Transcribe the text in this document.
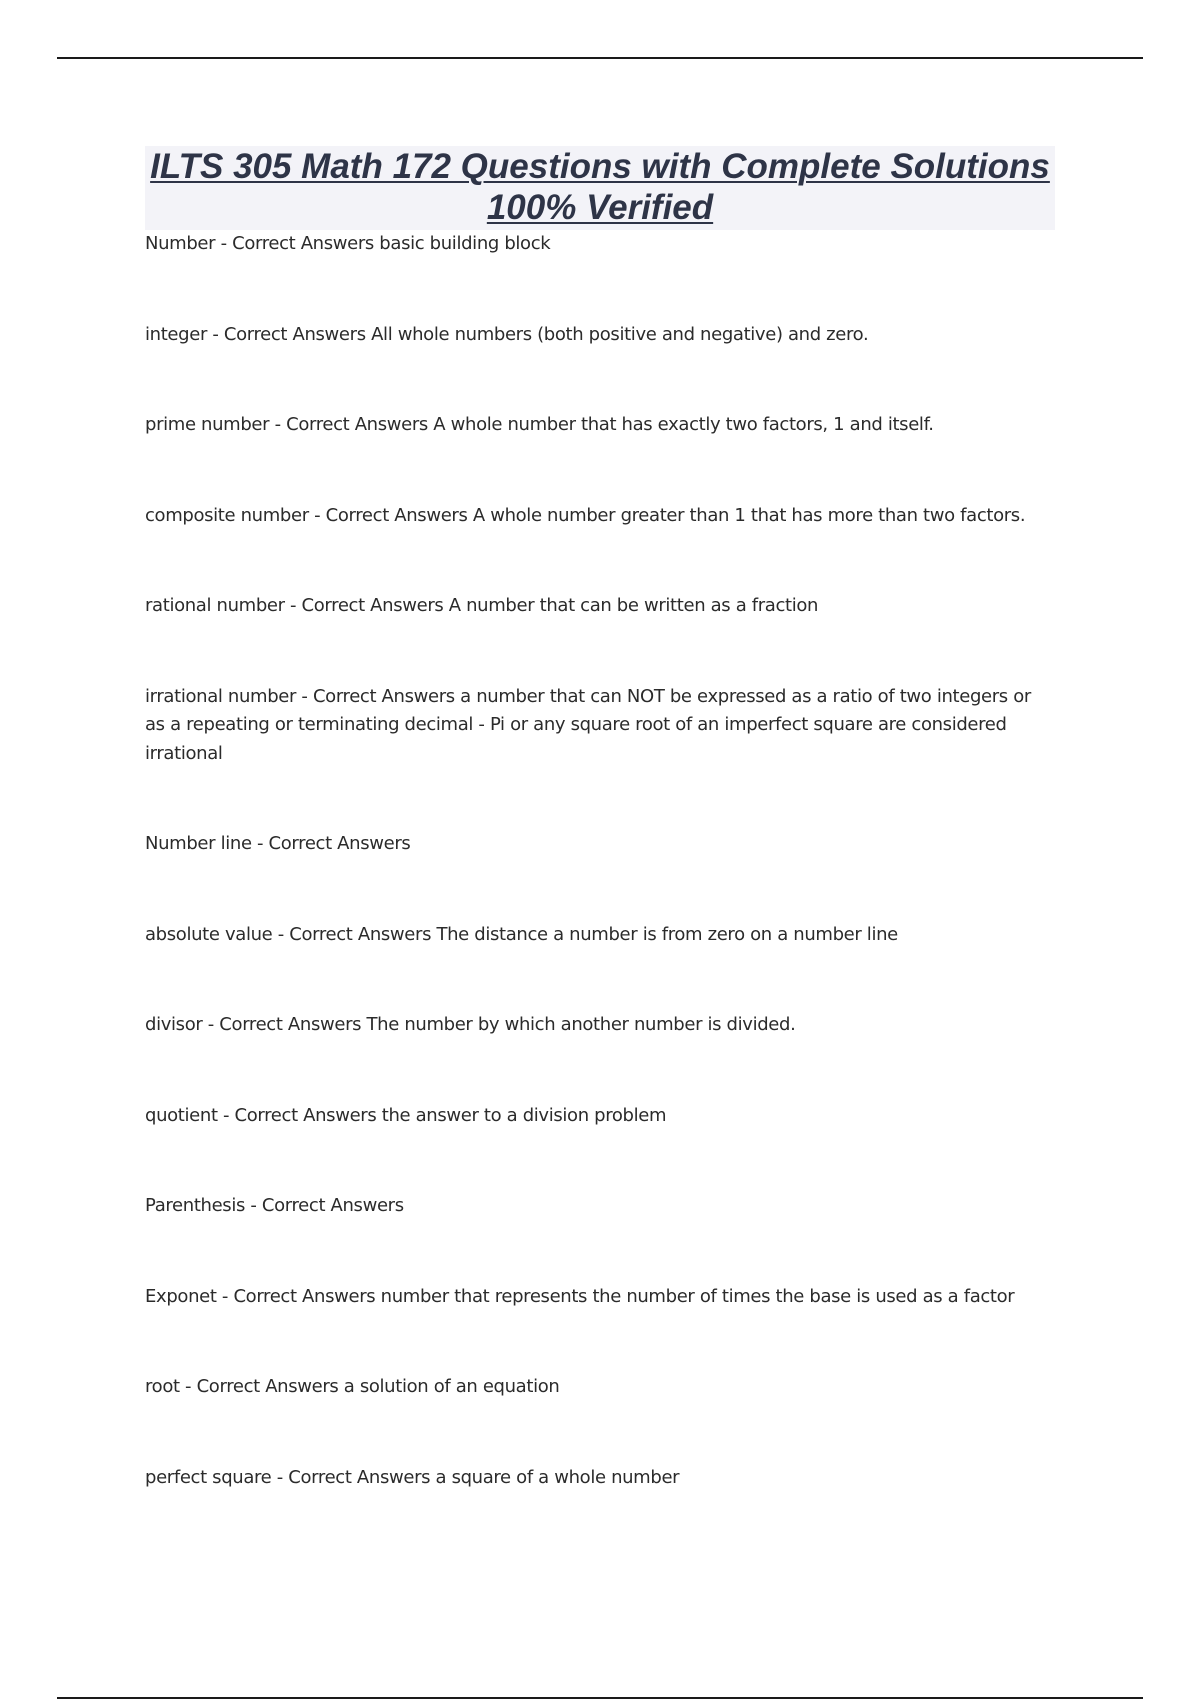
ILTS 305 Math 172 Questions with Complete Solutions 100% Verified
Number - Correct Answers basic building block
integer - Correct Answers All whole numbers (both positive and negative) and zero.
prime number - Correct Answers A whole number that has exactly two factors, 1 and itself.
composite number - Correct Answers A whole number greater than 1 that has more than two factors.
rational number - Correct Answers A number that can be written as a fraction
irrational number - Correct Answers a number that can NOT be expressed as a ratio of two integers or as a repeating or terminating decimal - Pi or any square root of an imperfect square are considered irrational
Number line - Correct Answers
absolute value - Correct Answers The distance a number is from zero on a number line
divisor - Correct Answers The number by which another number is divided.
quotient - Correct Answers the answer to a division problem
Parenthesis - Correct Answers
Exponet - Correct Answers number that represents the number of times the base is used as a factor
root - Correct Answers a solution of an equation
perfect square - Correct Answers a square of a whole number
